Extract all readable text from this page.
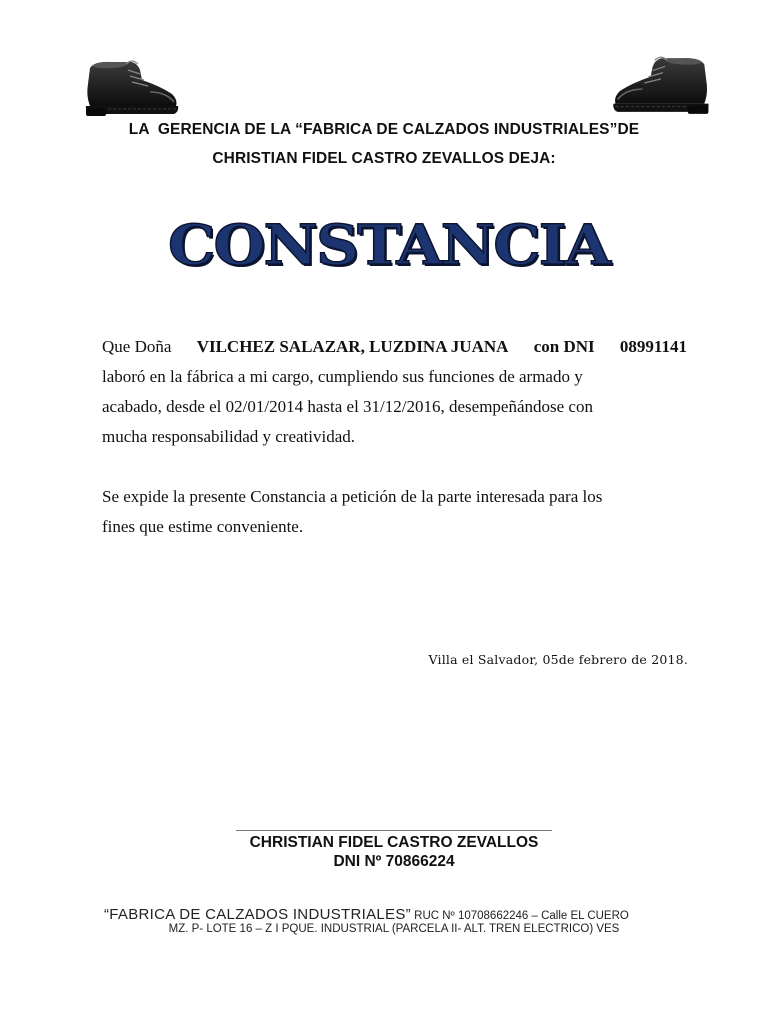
LA  GERENCIA DE LA “FABRICA DE CALZADOS INDUSTRIALES”DE
CHRISTIAN FIDEL CASTRO ZEVALLOS DEJA:
CONSTANCIA
Que Doña VILCHEZ SALAZAR, LUZDINA JUANA con DNI 08991141
laboró en la fábrica a mi cargo, cumpliendo sus funciones de armado y
acabado, desde el 02/01/2014 hasta el 31/12/2016, desempeñándose con
mucha responsabilidad y creatividad.
Se expide la presente Constancia a petición de la parte interesada para los
fines que estime conveniente.
Villa el Salvador, 05de febrero de 2018.
CHRISTIAN FIDEL CASTRO ZEVALLOS
DNI Nº 70866224
“FABRICA DE CALZADOS INDUSTRIALES” RUC Nº 10708662246 – Calle EL CUERO
MZ. P- LOTE 16 – Z I PQUE. INDUSTRIAL (PARCELA II- ALT. TREN ELECTRICO) VES
